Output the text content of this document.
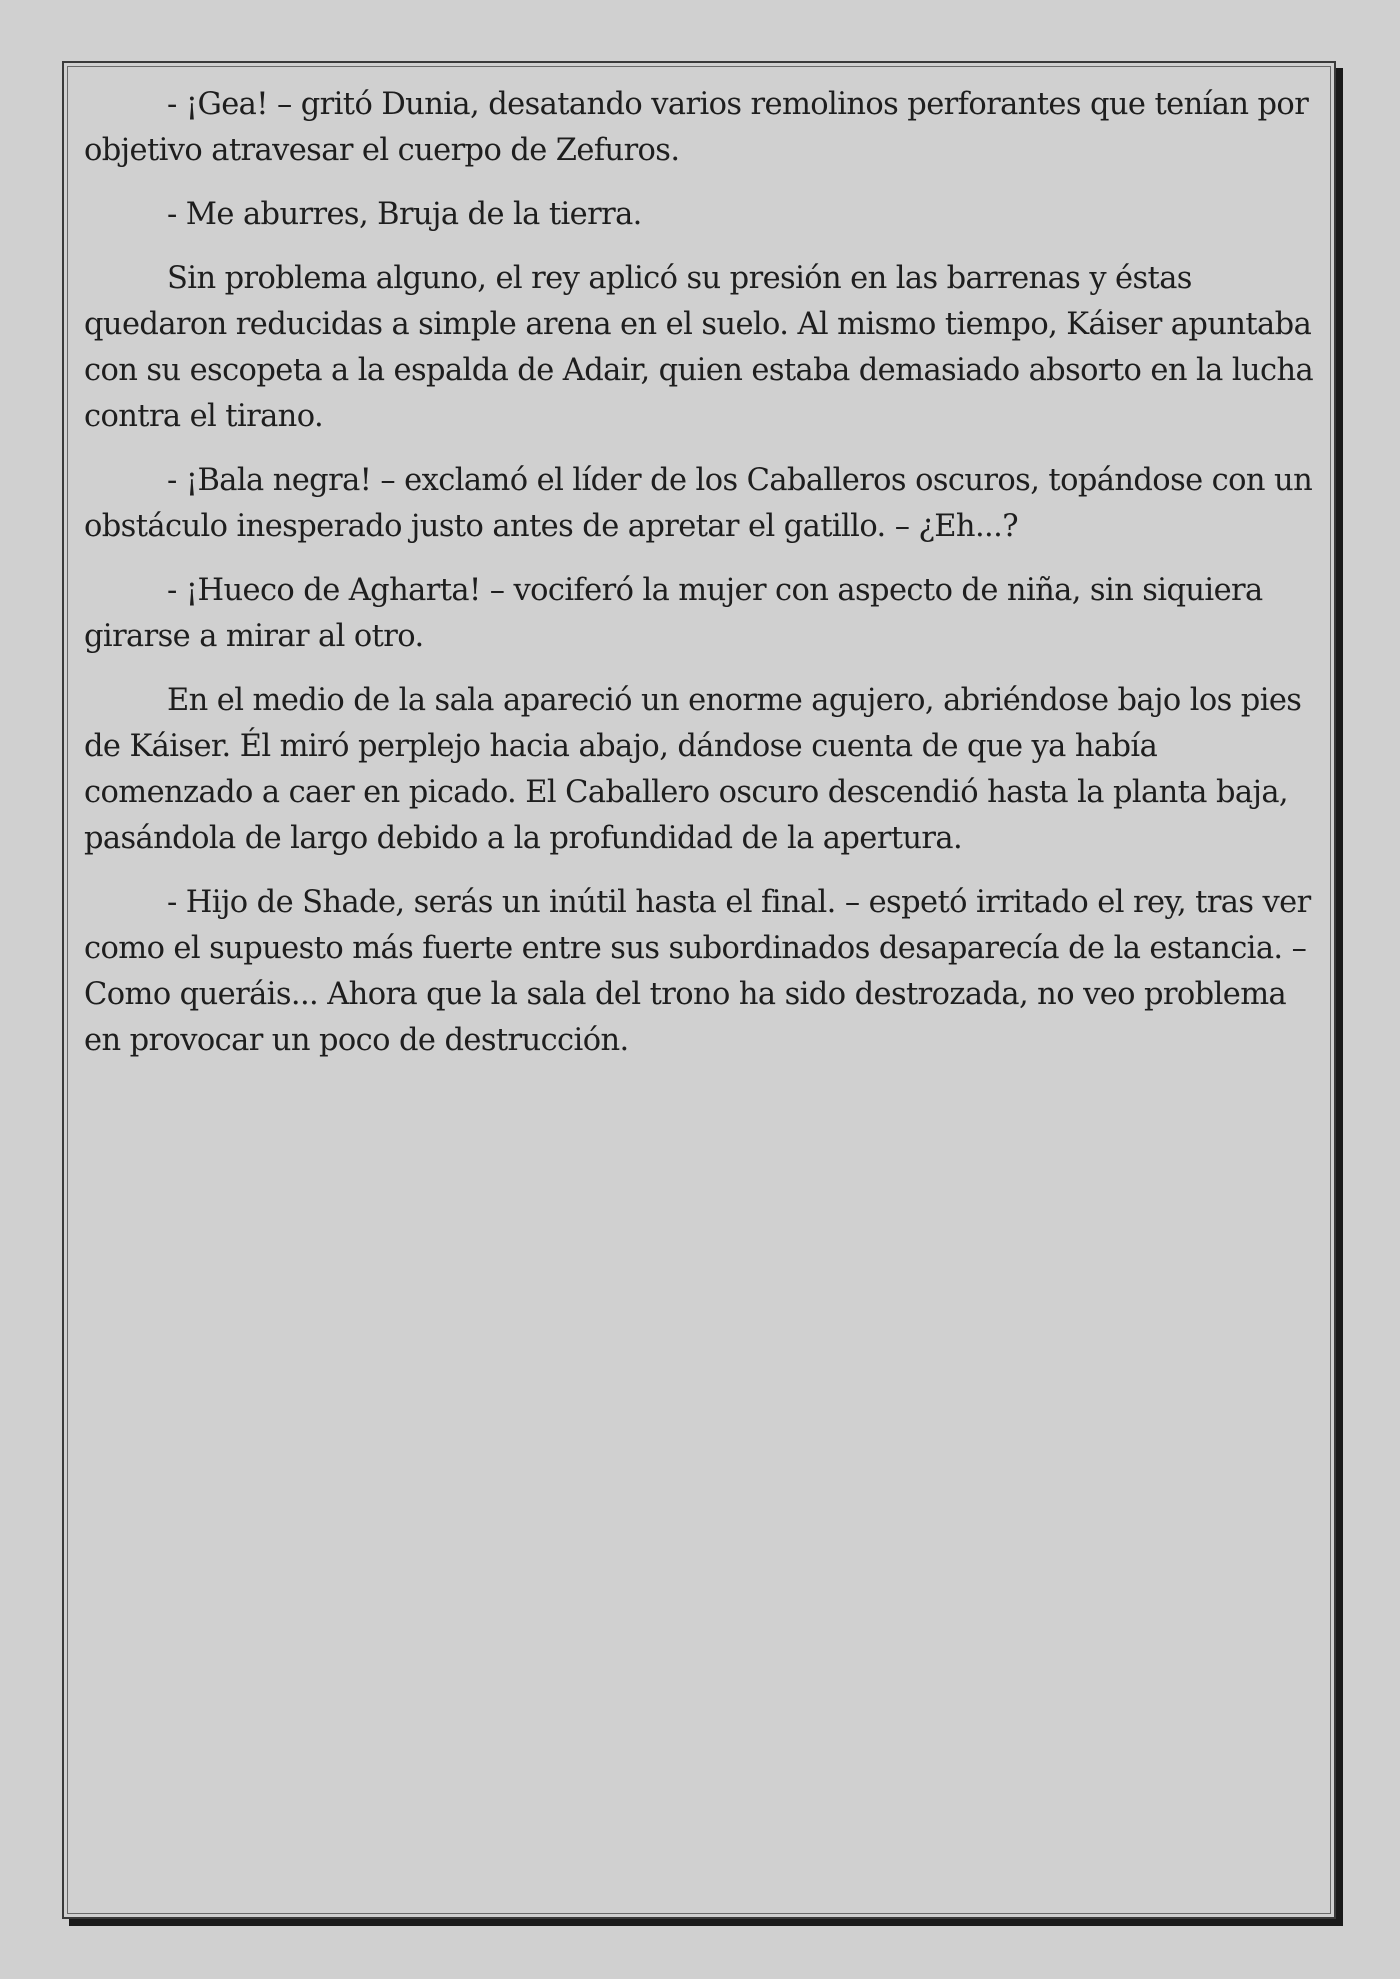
- ¡Gea! – gritó Dunia, desatando varios remolinos perforantes que tenían por objetivo atravesar el cuerpo de Zefuros.

- Me aburres, Bruja de la tierra.

Sin problema alguno, el rey aplicó su presión en las barrenas y éstas quedaron reducidas a simple arena en el suelo. Al mismo tiempo, Káiser apuntaba con su escopeta a la espalda de Adair, quien estaba demasiado absorto en la lucha contra el tirano.

- ¡Bala negra! – exclamó el líder de los Caballeros oscuros, topándose con un obstáculo inesperado justo antes de apretar el gatillo. – ¿Eh...?

- ¡Hueco de Agharta! – vociferó la mujer con aspecto de niña, sin siquiera girarse a mirar al otro.

En el medio de la sala apareció un enorme agujero, abriéndose bajo los pies de Káiser. Él miró perplejo hacia abajo, dándose cuenta de que ya había comenzado a caer en picado. El Caballero oscuro descendió hasta la planta baja, pasándola de largo debido a la profundidad de la apertura.

- Hijo de Shade, serás un inútil hasta el final. – espetó irritado el rey, tras ver como el supuesto más fuerte entre sus subordinados desaparecía de la estancia. – Como queráis... Ahora que la sala del trono ha sido destrozada, no veo problema en provocar un poco de destrucción.
